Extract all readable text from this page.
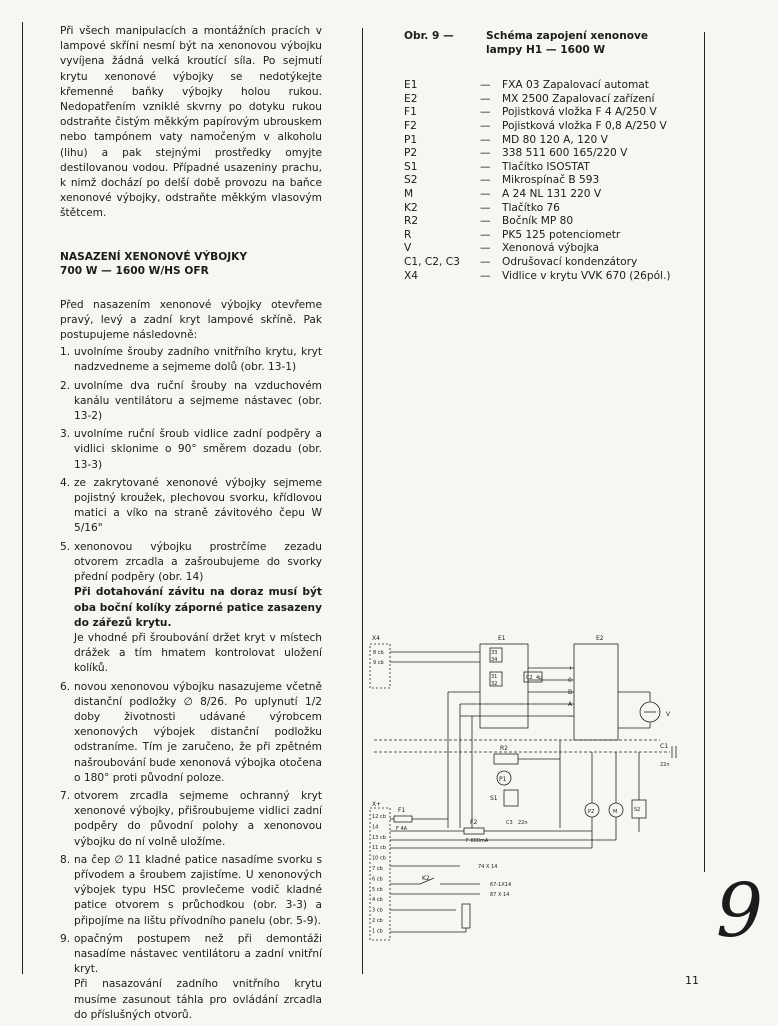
Při všech manipulacích a montážních pracích v lampové skříni nesmí být na xenonovou výbojku vyvíjena žádná velká kroutící síla. Po sejmutí krytu xenonové výbojky se nedotýkejte křemenné baňky výbojky holou rukou. Nedopatřením vzniklé skvrny po dotyku rukou odstraňte čistým měkkým papírovým ubrouskem nebo tampónem vaty namočeným v alkoholu (lihu) a pak stejnými prostředky omyjte destilovanou vodou. Případné usazeniny prachu, k nimž dochází po delší době provozu na baňce xenonové výbojky, odstraňte měkkým vlasovým štětcem.

NASAZENÍ XENONOVÉ VÝBOJKY
700 W — 1600 W/HS OFR

Před nasazením xenonové výbojky otevřeme pravý, levý a zadní kryt lampové skříně. Pak postupujeme následovně:

1. uvolníme šrouby zadního vnitřního krytu, kryt nadzvedneme a sejmeme dolů (obr. 13-1)
2. uvolníme dva ruční šrouby na vzduchovém kanálu ventilátoru a sejmeme nástavec (obr. 13-2)
3. uvolníme ruční šroub vidlice zadní podpěry a vidlici sklonime o 90° směrem dozadu (obr. 13-3)
4. ze zakrytované xenonové výbojky sejmeme pojistný kroužek, plechovou svorku, křídlovou matici a víko na straně závitového čepu W 5/16"
5. xenonovou výbojku prostrčíme zezadu otvorem zrcadla a zašroubujeme do svorky přední podpěry (obr. 14)
Při dotahování závitu na doraz musí být oba boční kolíky záporné patice zasazeny do zářezů krytu.
Je vhodné při šroubování držet kryt v místech drážek a tím hmatem kontrolovat uložení kolíků.
6. novou xenonovou výbojku nasazujeme včetně distanční podložky ∅ 8/26. Po uplynutí 1/2 doby životnosti udávané výrobcem xenonových výbojek distanční podložku odstraníme. Tím je zaručeno, že při zpětném našroubování bude xenonová výbojka otočena o 180° proti původní poloze.
7. otvorem zrcadla sejmeme ochranný kryt xenonové výbojky, přišroubujeme vidlici zadní podpěry do původní polohy a xenonovou výbojku do ní volně uložíme.
8. na čep ∅ 11 kladné patice nasadíme svorku s přívodem a šroubem zajistíme. U xenonových výbojek typu HSC provlečeme vodič kladné patice otvorem s průchodkou (obr. 3-3) a připojíme na lištu přívodního panelu (obr. 5-9).
9. opačným postupem než při demontáži nasadíme nástavec ventilátoru a zadní vnitřní kryt.
Při nasazování zadního vnitřního krytu musíme zasunout táhla pro ovládání zrcadla do příslušných otvorů.
Obr. 9 —	Schéma zapojení xenonove
lampy H1 — 1600 W
E1	—	FXA 03 Zapalovací automat
E2	—	MX 2500 Zapalovací zařízení
F1	—	Pojistková vložka F 4 A/250 V
F2	—	Pojistková vložka F 0,8 A/250 V
P1	—	MD 80 120 A, 120 V
P2	—	338 511 600 165/220 V
S1	—	Tlačítko ISOSTAT
S2	—	Mikrospínač B 593
M	—	A 24 NL 131 220 V
K2	—	Tlačítko 76
R2	—	Bočník MP 80
R	—	PK5 125 potenciometr
V	—	Xenonová výbojka
C1, C2, C3	—	Odrušovací kondenzátory
X4	—	Vidlice v krytu VVK 670 (26pól.)
X4
8 cb
9 cb
E1
33
34
31
32
C2 4µ
E2
+
0
B
A
−	V
C1
22n
R2
P1
S1
C3 22n
P2	M	S2
X+
12 cb
14
13 cb
11 cb
10 cb
7 cb
6 cb
5 cb
4 cb
3 cb
2 cb
1 cb
F1
F 4A
F2
F 800mA
74 X 14
K2
67-1X14
87 X 14	9
11
